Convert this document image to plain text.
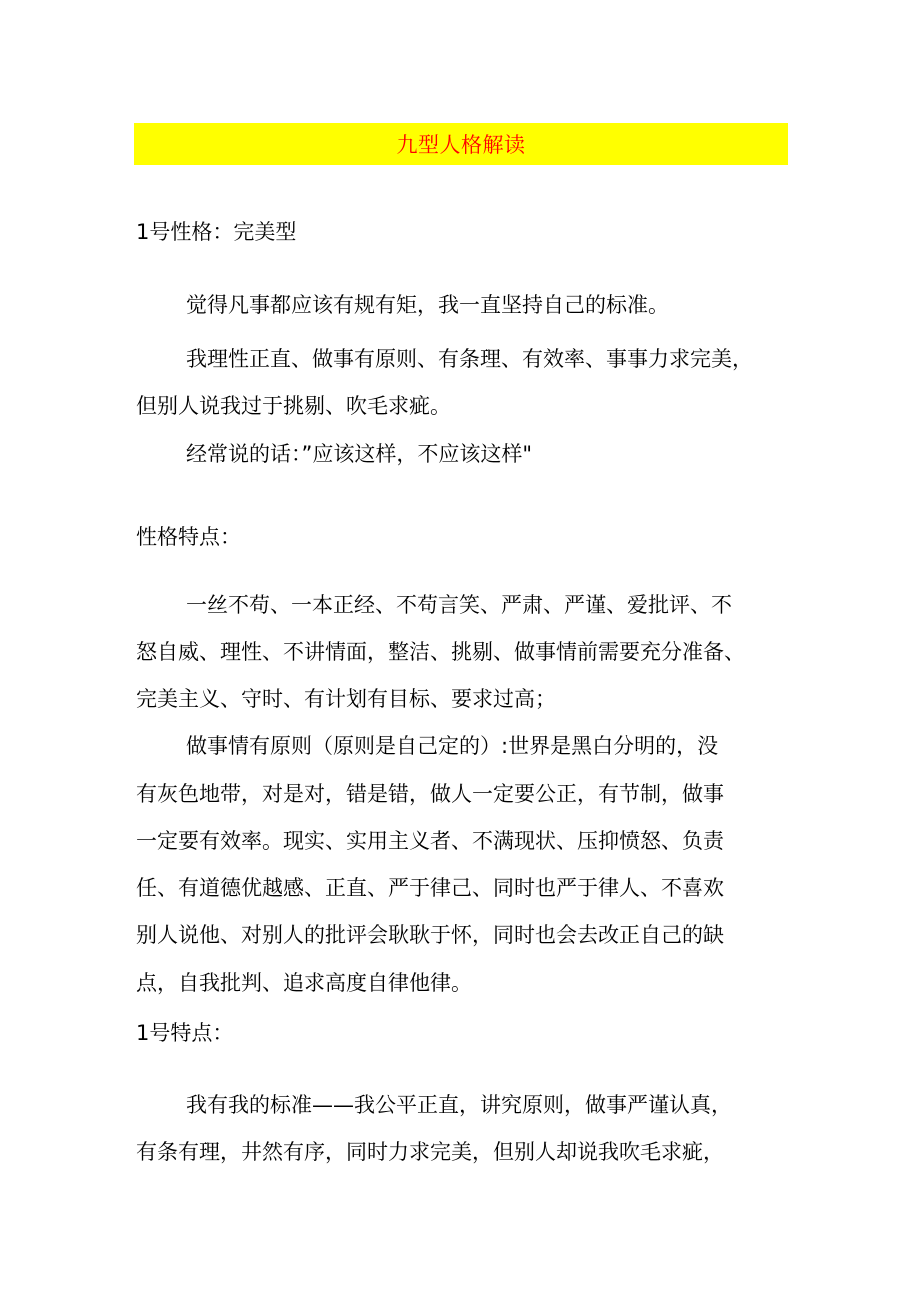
九型人格解读
1号性格：完美型
觉得凡事都应该有规有矩，我一直坚持自己的标准。
我理性正直、做事有原则、有条理、有效率、事事力求完美，
但别人说我过于挑剔、吹毛求疵。
经常说的话：”应该这样，不应该这样"
性格特点：
一丝不苟、一本正经、不苟言笑、严肃、严谨、爱批评、不
怒自威、理性、不讲情面，整洁、挑剔、做事情前需要充分准备、
完美主义、守时、有计划有目标、要求过高；
做事情有原则（原则是自己定的）:世界是黑白分明的，没
有灰色地带，对是对，错是错，做人一定要公正，有节制，做事
一定要有效率。现实、实用主义者、不满现状、压抑愤怒、负责
任、有道德优越感、正直、严于律己、同时也严于律人、不喜欢
别人说他、对别人的批评会耿耿于怀，同时也会去改正自己的缺
点，自我批判、追求高度自律他律。
1号特点：
我有我的标准——我公平正直，讲究原则，做事严谨认真，
有条有理，井然有序，同时力求完美，但别人却说我吹毛求疵，
